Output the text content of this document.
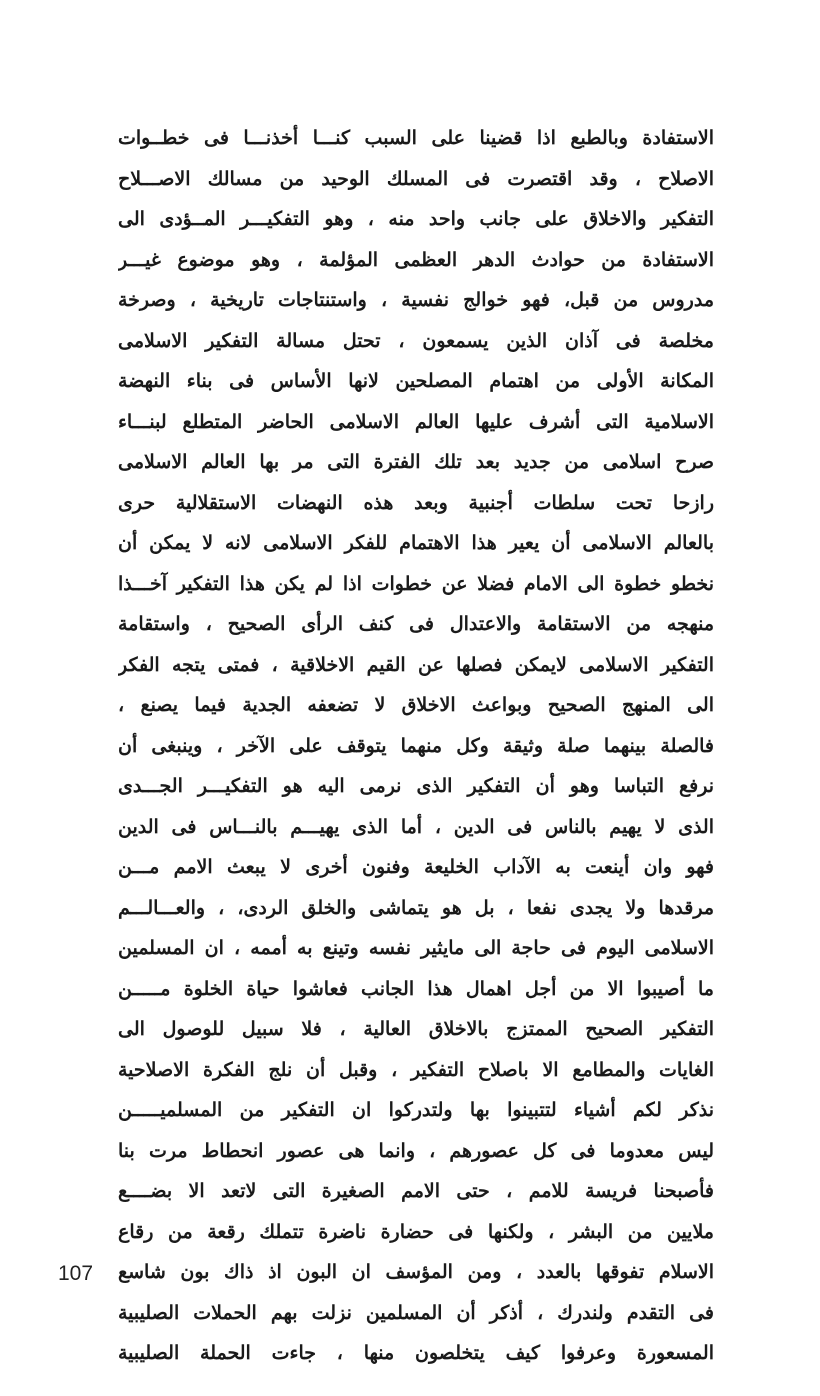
الاستفادة وبالطبع اذا قضينا على السبب كنـــا أخذنـــا فى خطــوات
الاصلاح ، وقد اقتصرت فى المسلك الوحيد من مسالك الاصـــلاح
التفكير والاخلاق على جانب واحد منه ، وهو التفكيـــر المــؤدى الى
الاستفادة من حوادث الدهر العظمى المؤلمة ، وهو موضوع غيـــر
مدروس من قبل، فهو خوالج نفسية ، واستنتاجات تاريخية ، وصرخة
مخلصة فى آذان الذين يسمعون ، تحتل مسالة التفكير الاسلامى
المكانة الأولى من اهتمام المصلحين لانها الأساس فى بناء النهضة
الاسلامية التى أشرف عليها العالم الاسلامى الحاضر المتطلع لبنـــاء
صرح اسلامى من جديد بعد تلك الفترة التى مر بها العالم الاسلامى
رازحا تحت سلطات أجنبية وبعد هذه النهضات الاستقلالية حرى
بالعالم الاسلامى أن يعير هذا الاهتمام للفكر الاسلامى لانه لا يمكن أن
نخطو خطوة الى الامام فضلا عن خطوات اذا لم يكن هذا التفكير آخـــذا
منهجه من الاستقامة والاعتدال فى كنف الرأى الصحيح ، واستقامة
التفكير الاسلامى لايمكن فصلها عن القيم الاخلاقية ، فمتى يتجه الفكر
الى المنهج الصحيح وبواعث الاخلاق لا تضعفه الجدية فيما يصنع ،
فالصلة بينهما صلة وثيقة وكل منهما يتوقف على الآخر ، وينبغى أن
نرفع التباسا وهو أن التفكير الذى نرمى اليه هو التفكيـــر الجـــدى
الذى لا يهيم بالناس فى الدين ، أما الذى يهيـــم بالنـــاس فى الدين
فهو وان أينعت به الآداب الخليعة وفنون أخرى لا يبعث الامم مـــن
مرقدها ولا يجدى نفعا ، بل هو يتماشى والخلق الردى، ، والعـــالـــم
الاسلامى اليوم فى حاجة الى مايثير نفسه وتينع به أممه ، ان المسلمين
ما أصيبوا الا من أجل اهمال هذا الجانب فعاشوا حياة الخلوة مـــــن
التفكير الصحيح الممتزج بالاخلاق العالية ، فلا سبيل للوصول الى
الغايات والمطامع الا باصلاح التفكير ، وقبل أن نلج الفكرة الاصلاحية
نذكر لكم أشياء لتتبينوا بها ولتدركوا ان التفكير من المسلميـــــن
ليس معدوما فى كل عصورهم ، وانما هى عصور انحطاط مرت بنا
فأصبحنا فريسة للامم ، حتى الامم الصغيرة التى لاتعد الا بضــــع
ملايين من البشر ، ولكنها فى حضارة ناضرة تتملك رقعة من رقاع
الاسلام تفوقها بالعدد ، ومن المؤسف ان البون اذ ذاك بون شاسع
فى التقدم ولندرك ، أذكر أن المسلمين نزلت بهم الحملات الصليبية
المسعورة وعرفوا كيف يتخلصون منها ، جاءت الحملة الصليبية
107
